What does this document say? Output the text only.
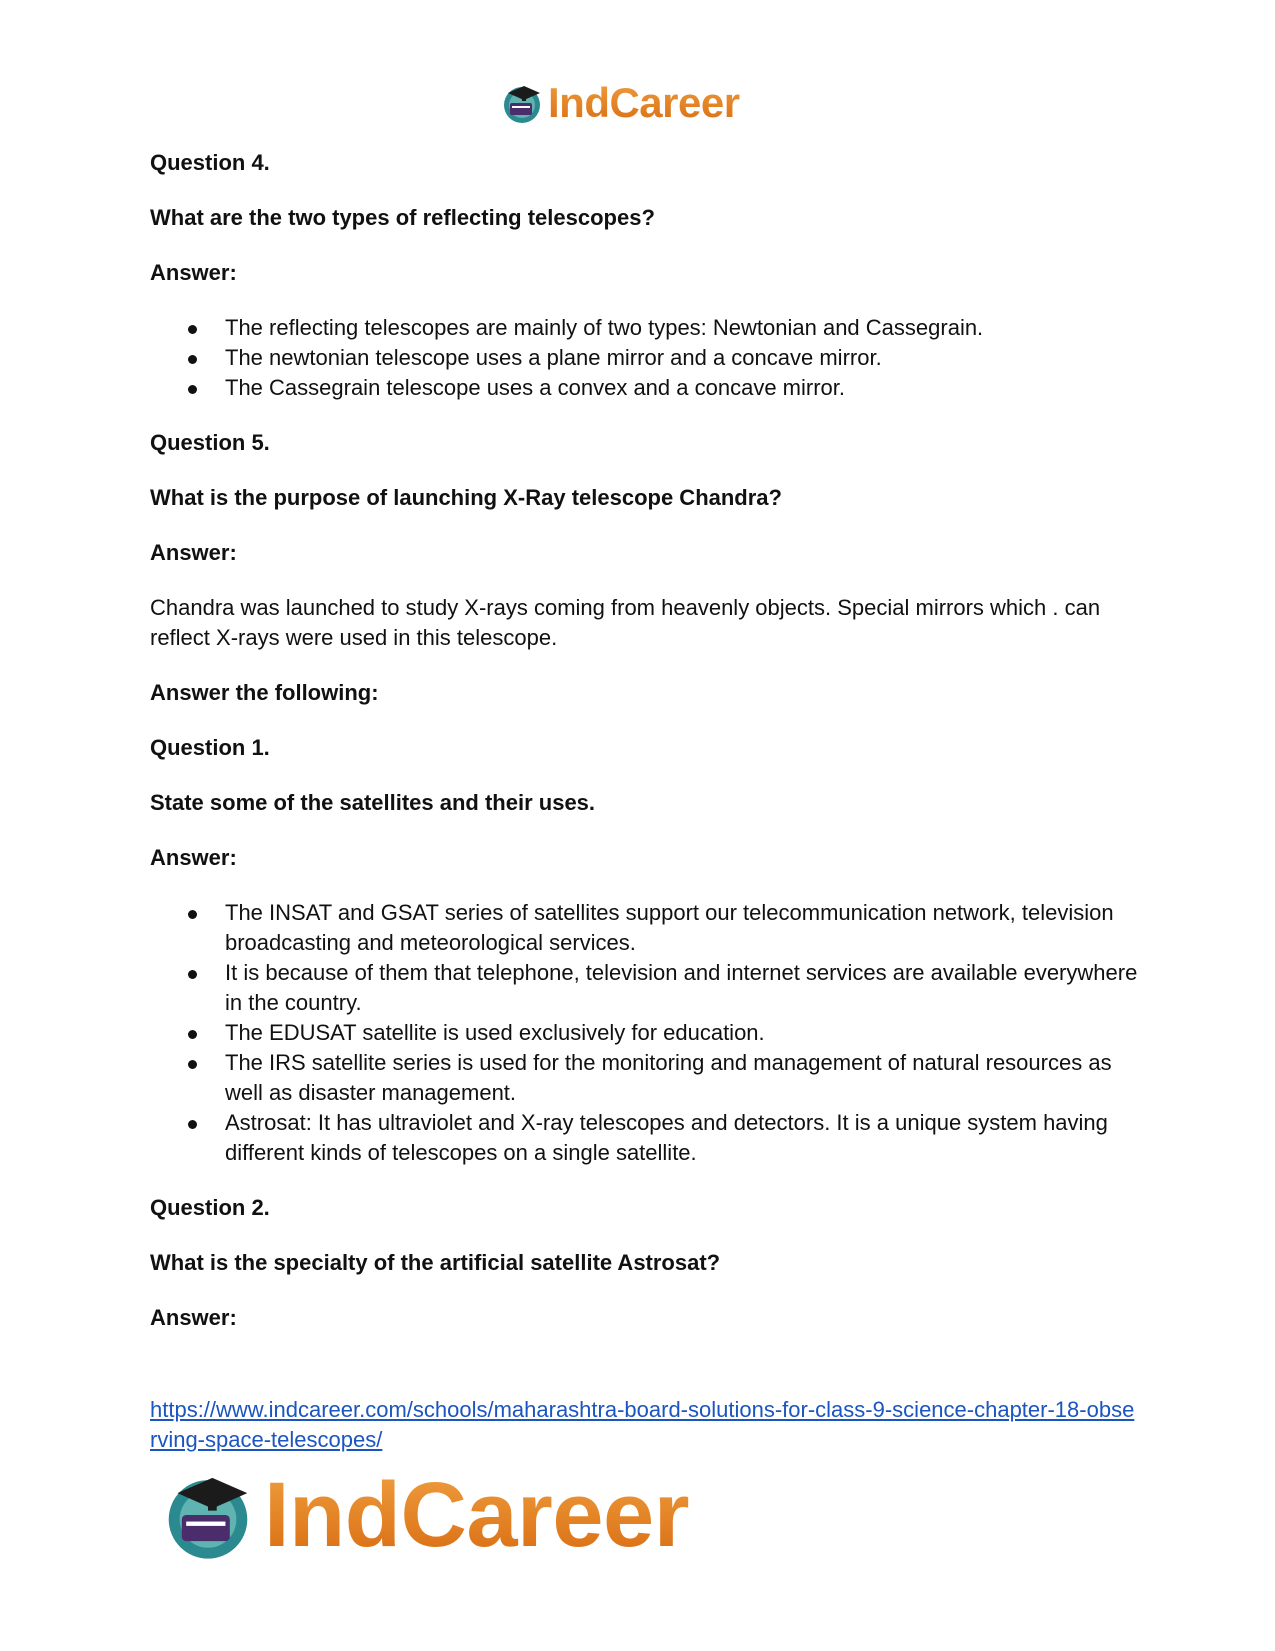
IndCareer

Question 4.

What are the two types of reflecting telescopes?

Answer:

The reflecting telescopes are mainly of two types: Newtonian and Cassegrain.
The newtonian telescope uses a plane mirror and a concave mirror.
The Cassegrain telescope uses a convex and a concave mirror.

Question 5.

What is the purpose of launching X-Ray telescope Chandra?

Answer:

Chandra was launched to study X-rays coming from heavenly objects. Special mirrors which . can reflect X-rays were used in this telescope.

Answer the following:

Question 1.

State some of the satellites and their uses.

Answer:

The INSAT and GSAT series of satellites support our telecommunication network, television broadcasting and meteorological services.
It is because of them that telephone, television and internet services are available everywhere in the country.
The EDUSAT satellite is used exclusively for education.
The IRS satellite series is used for the monitoring and management of natural resources as well as disaster management.
Astrosat: It has ultraviolet and X-ray telescopes and detectors. It is a unique system having different kinds of telescopes on a single satellite.

Question 2.

What is the specialty of the artificial satellite Astrosat?

Answer:

https://www.indcareer.com/schools/maharashtra-board-solutions-for-class-9-science-chapter-18-observing-space-telescopes/
IndCareer
